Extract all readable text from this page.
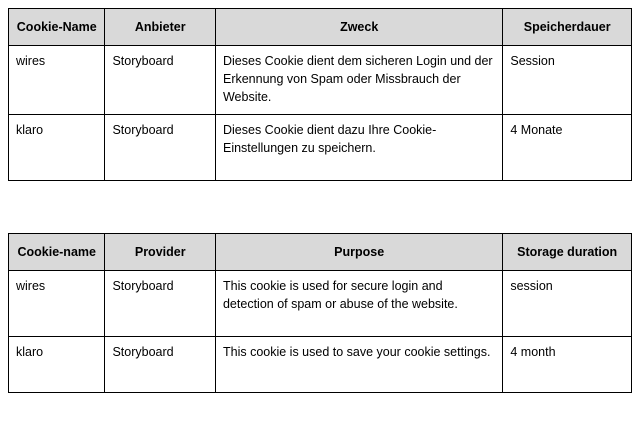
Cookie-Name	Anbieter	Zweck	Speicherdauer
wires	Storyboard	Dieses Cookie dient dem sicheren Login und der Erkennung von Spam oder Missbrauch der Website.	Session
klaro	Storyboard	Dieses Cookie dient dazu Ihre Cookie-Einstellungen zu speichern.	4 Monate
Cookie-name	Provider	Purpose	Storage duration
wires	Storyboard	This cookie is used for secure login and detection of spam or abuse of the website.	session
klaro	Storyboard	This cookie is used to save your cookie settings.	4 month
